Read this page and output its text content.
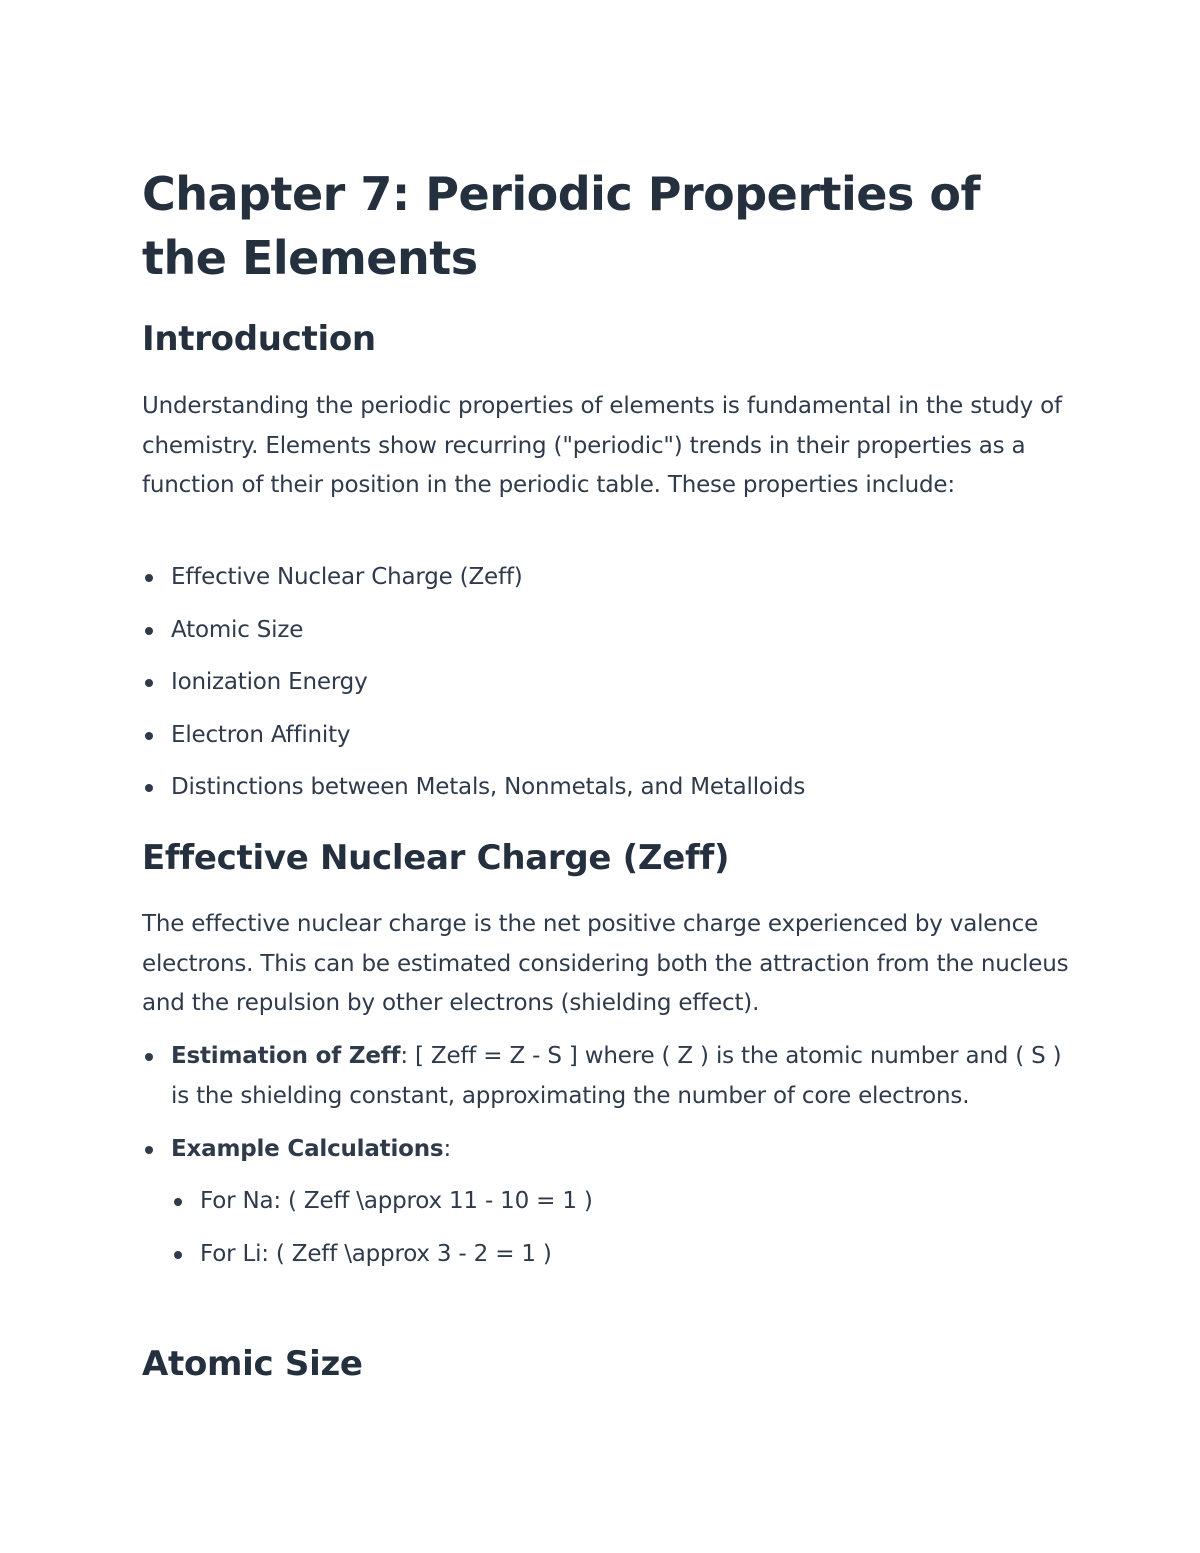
Chapter 7: Periodic Properties of the Elements
Introduction

Understanding the periodic properties of elements is fundamental in the study of chemistry. Elements show recurring ("periodic") trends in their properties as a function of their position in the periodic table. These properties include:

Effective Nuclear Charge (Zeff)
Atomic Size
Ionization Energy
Electron Affinity
Distinctions between Metals, Nonmetals, and Metalloids
Effective Nuclear Charge (Zeff)

The effective nuclear charge is the net positive charge experienced by valence electrons. This can be estimated considering both the attraction from the nucleus and the repulsion by other electrons (shielding effect).

Estimation of Zeff: [ Zeff = Z - S ] where ( Z ) is the atomic number and ( S ) is the shielding constant, approximating the number of core electrons.
Example Calculations:
For Na: ( Zeff \approx 11 - 10 = 1 )
For Li: ( Zeff \approx 3 - 2 = 1 )
Atomic Size
